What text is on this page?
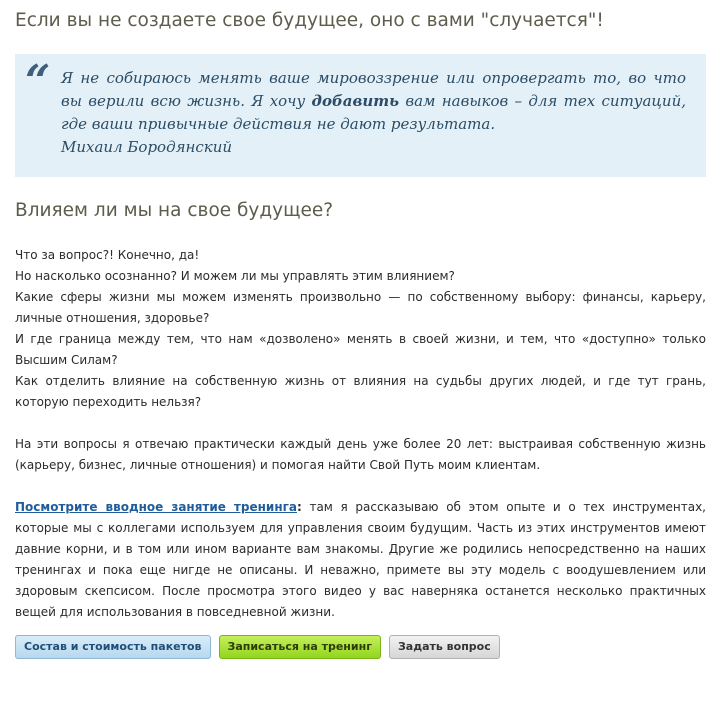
Если вы не создаете свое будущее, оно с вами "случается"!
“ Я не собираюсь менять ваше мировоззрение или опровергать то, во что вы верили всю жизнь. Я хочу добавить вам навыков – для тех ситуаций, где ваши привычные действия не дают результата.
Михаил Бородянский
Влияем ли мы на свое будущее?
Что за вопрос?! Конечно, да!
Но насколько осознанно? И можем ли мы управлять этим влиянием?
Какие сферы жизни мы можем изменять произвольно — по собственному выбору: финансы, карьеру, личные отношения, здоровье?
И где граница между тем, что нам «дозволено» менять в своей жизни, и тем, что «доступно» только Высшим Силам?
Как отделить влияние на собственную жизнь от влияния на судьбы других людей, и где тут грань, которую переходить нельзя?

На эти вопросы я отвечаю практически каждый день уже более 20 лет: выстраивая собственную жизнь (карьеру, бизнес, личные отношения) и помогая найти Свой Путь моим клиентам.

Посмотрите вводное занятие тренинга: там я рассказываю об этом опыте и о тех инструментах, которые мы с коллегами используем для управления своим будущим. Часть из этих инструментов имеют давние корни, и в том или ином варианте вам знакомы. Другие же родились непосредственно на наших тренингах и пока еще нигде не описаны. И неважно, примете вы эту модель с воодушевлением или здоровым скепсисом. После просмотра этого видео у вас наверняка останется несколько практичных вещей для использования в повседневной жизни.

Состав и стоимость пакетов	Записаться на тренинг	Задать вопрос
